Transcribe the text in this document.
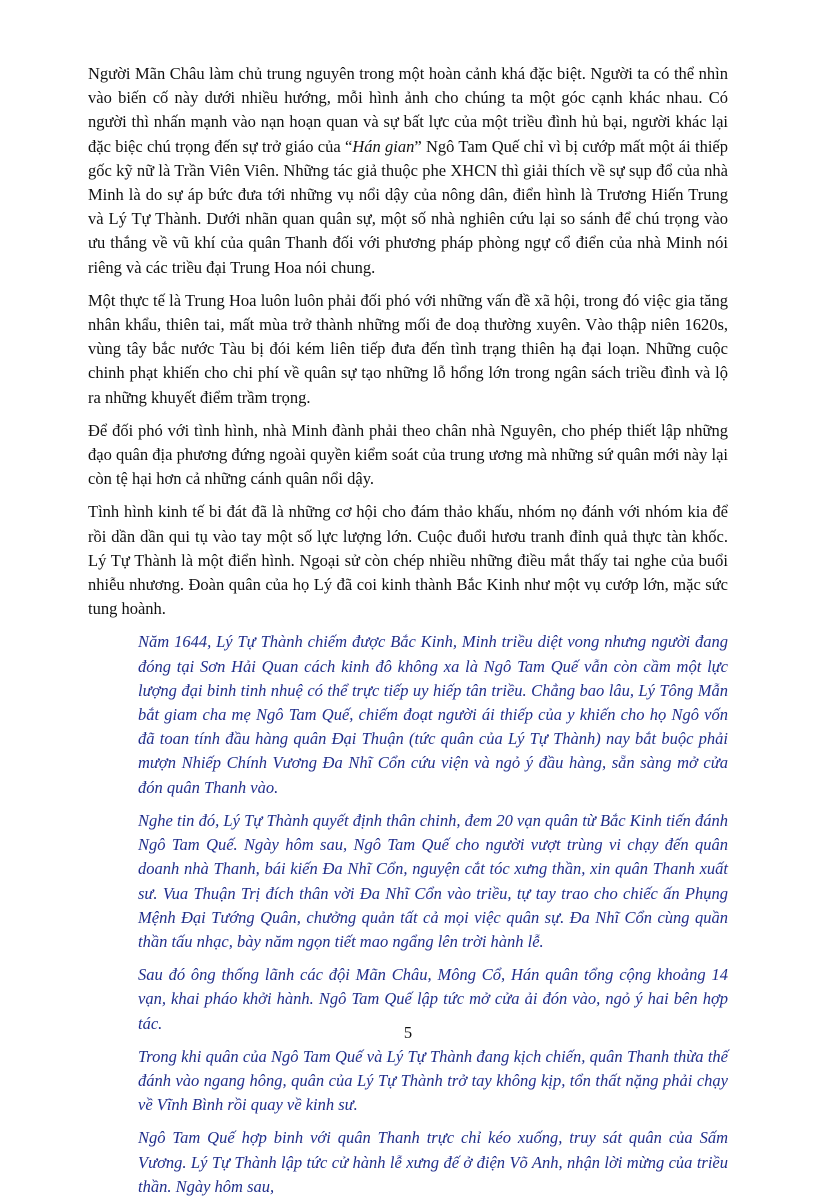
Người Mãn Châu làm chủ trung nguyên trong một hoàn cảnh khá đặc biệt. Người ta có thể nhìn vào biến cố này dưới nhiều hướng, mỗi hình ảnh cho chúng ta một góc cạnh khác nhau. Có người thì nhấn mạnh vào nạn hoạn quan và sự bất lực của một triều đình hủ bại, người khác lại đặc biệc chú trọng đến sự trở giáo của “Hán gian” Ngô Tam Quế chỉ vì bị cướp mất một ái thiếp gốc kỹ nữ là Trần Viên Viên. Những tác giả thuộc phe XHCN thì giải thích về sự sụp đổ của nhà Minh là do sự áp bức đưa tới những vụ nổi dậy của nông dân, điển hình là Trương Hiến Trung và Lý Tự Thành. Dưới nhãn quan quân sự, một số nhà nghiên cứu lại so sánh để chú trọng vào ưu thắng về vũ khí của quân Thanh đối với phương pháp phòng ngự cổ điển của nhà Minh nói riêng và các triều đại Trung Hoa nói chung.

Một thực tế là Trung Hoa luôn luôn phải đối phó với những vấn đề xã hội, trong đó việc gia tăng nhân khẩu, thiên tai, mất mùa trở thành những mối đe doạ thường xuyên. Vào thập niên 1620s, vùng tây bắc nước Tàu bị đói kém liên tiếp đưa đến tình trạng thiên hạ đại loạn. Những cuộc chinh phạt khiến cho chi phí về quân sự tạo những lỗ hổng lớn trong ngân sách triều đình và lộ ra những khuyết điểm trầm trọng.

Để đối phó với tình hình, nhà Minh đành phải theo chân nhà Nguyên, cho phép thiết lập những đạo quân địa phương đứng ngoài quyền kiểm soát của trung ương mà những sứ quân mới này lại còn tệ hại hơn cả những cánh quân nổi dậy.

Tình hình kinh tế bi đát đã là những cơ hội cho đám thảo khấu, nhóm nọ đánh với nhóm kia để rồi dần dần qui tụ vào tay một số lực lượng lớn. Cuộc đuổi hươu tranh đỉnh quả thực tàn khốc. Lý Tự Thành là một điển hình. Ngoại sử còn chép nhiều những điều mắt thấy tai nghe của buổi nhiễu nhương. Đoàn quân của họ Lý đã coi kinh thành Bắc Kinh như một vụ cướp lớn, mặc sức tung hoành.

Năm 1644, Lý Tự Thành chiếm được Bắc Kinh, Minh triều diệt vong nhưng người đang đóng tại Sơn Hải Quan cách kinh đô không xa là Ngô Tam Quế vẫn còn cầm một lực lượng đại binh tinh nhuệ có thể trực tiếp uy hiếp tân triều. Chẳng bao lâu, Lý Tông Mẫn bắt giam cha mẹ Ngô Tam Quế, chiếm đoạt người ái thiếp của y khiến cho họ Ngô vốn đã toan tính đầu hàng quân Đại Thuận (tức quân của Lý Tự Thành) nay bắt buộc phải mượn Nhiếp Chính Vương Đa Nhĩ Cổn cứu viện và ngỏ ý đầu hàng, sẵn sàng mở cửa đón quân Thanh vào.

Nghe tin đó, Lý Tự Thành quyết định thân chinh, đem 20 vạn quân từ Bắc Kinh tiến đánh Ngô Tam Quế. Ngày hôm sau, Ngô Tam Quế cho người vượt trùng vi chạy đến quân doanh nhà Thanh, bái kiến Đa Nhĩ Cổn, nguyện cắt tóc xưng thần, xin quân Thanh xuất sư. Vua Thuận Trị đích thân vời Đa Nhĩ Cổn vào triều, tự tay trao cho chiếc ấn Phụng Mệnh Đại Tướng Quân, chưởng quản tất cả mọi việc quân sự. Đa Nhĩ Cổn cùng quần thần tấu nhạc, bày năm ngọn tiết mao ngẩng lên trời hành lễ.

Sau đó ông thống lãnh các đội Mãn Châu, Mông Cổ, Hán quân tổng cộng khoảng 14 vạn, khai pháo khởi hành. Ngô Tam Quế lập tức mở cửa ải đón vào, ngỏ ý hai bên hợp tác.

Trong khi quân của Ngô Tam Quế và Lý Tự Thành đang kịch chiến, quân Thanh thừa thế đánh vào ngang hông, quân của Lý Tự Thành trở tay không kịp, tổn thất nặng phải chạy về Vĩnh Bình rồi quay về kinh sư.

Ngô Tam Quế hợp binh với quân Thanh trực chỉ kéo xuống, truy sát quân của Sấm Vương. Lý Tự Thành lập tức cử hành lễ xưng đế ở điện Võ Anh, nhận lời mừng của triều thần. Ngày hôm sau,

5
